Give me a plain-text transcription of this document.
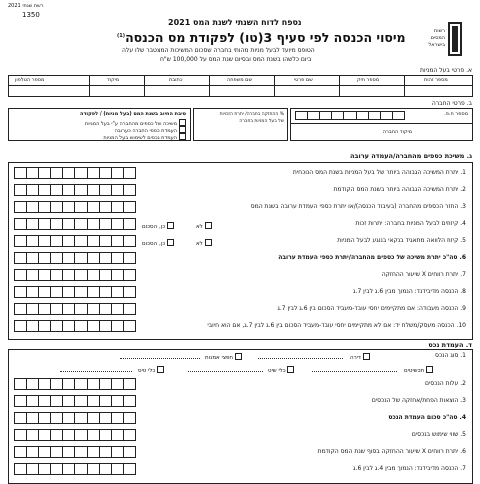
רשת שנתי 2021
1350
נספח לדוח השנתי לשנת המס 2021
מיסוי הכנסה לפי סעיף 3(טו) לפקודת מס הכנסה$^{(1)}$
הטופס מיועד לבעל מניות מהותי בחברה שסכום המשיכות המצטבר שלו עלה
ביום כלשהו בשנת המס ובסיום שנת המס על 100,000 ש"ח
רשות
המסים
בישראל
א. פרטי בעל המניות
מספר זהות
מספר תיק
שם פרטי
שם משפחה
כתובת
מיקוד
מספר הטלפון
ב. פרטי החברה
מספר ח.פ.
מיקוד החברה
% ההחזקה בחברה/ יתרת הזכויות
של בעל המניות בחברה
סיבת החיוב בשנת המס (בעל מניות) / לפקודה
משיכה של כספים מהחברה ע"י בעל המניות
העמדת כספי החברה כערובה
העמדת נכסים לשימוש בעל המניות
ג. משיכת כספים מהחברה/העמדה ערובה
1. יתרת המשיכה הגבוהה ביותר של בעל המניות בשנת המס הנוכחית
2. יתרת המשיכה הגבוהה ביותר בשנת המס הקודמת
3. החזר הכספים מהחברה (בעיבוד הכנסה)/או יתרת כספי העמדת ערובה בשנת המס
4. קיזוזים לבעל המניות בחברה: יתרות זכות
5. קיזוז הלוואה מתאגיד בנקאי בנוגע לבעל המניות
6. סה"כ יתרת משיכה של כספים מהחברה/יתרת כספי העמדת ערובה
7. יתרת רווחים X שיעור ההחזקה
8. הכנסה מדיבידנד: הנמוך מבין 6.ג לבין 7.ג
9. הכנסה מעבודה: אם מתקיימים יחסי עובד-מעביד הסכום בין 6.ג לבין 7.ג
10. הכנסה מעסק/משלח יד: אם לא מתקיימים יחסי עובד-מעביד הסכום בין 6.ג לבין 7.ג, אם הוא חיובי
כן, הסכום	לא
כן, הסכום	לא
ד. העמדת נכס
1. סוג הנכס
דירה
חפצי אמנות
תכשיטים
כלי שיט
כלי טיס
2. עלות הנכסים
3. הוצאות הפחת/אחזקה של הנכסים
4. סה"כ סכום העמדת הנכס
5. שווי שימוש בנכסים
6. יתרת רווחים X שיעור ההחזקה בסוף שנת המס הקודמת
7. הכנסה מדיבידנד: הנמוך מבין 4.ג לבין 6.ג
